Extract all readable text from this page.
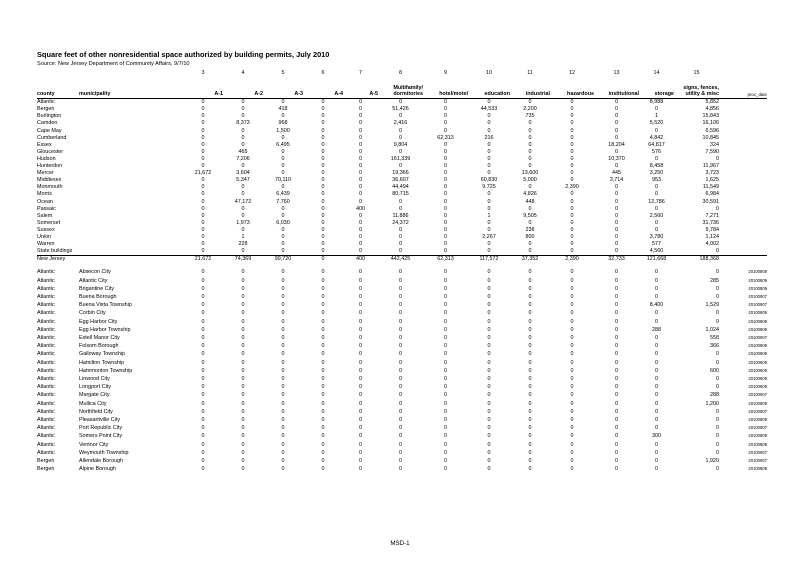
Square feet of other nonresidential space authorized by building permits, July 2010
Source: New Jersey Department of Community Affairs, 9/7/10
		3	4	5	6	7	8	9	10	11	12	13	14	15	
							Multifamily/							signs, fences,	
county	municipality	A-1	A-2	A-3	A-4	A-5	dormitories	hotel/motel	education	industrial	hazardous	institutional	storage	utility & misc	proc_date
Atlantic		0	0	0	0	0	0	0	0	0	0	0	8,988	5,852	
Bergen		0	0	418	0	0	51,426	0	44,533	2,200	0	0	0	4,856	
Burlington		0	0	0	0	0	0	0	0	735	0	0	1	15,843	
Camden		0	8,373	968	0	0	2,416	0	0	0	0	0	5,520	16,106	
Cape May		0	0	1,500	0	0	0	0	0	0	0	0	0	6,596	
Cumberland		0	0	0	0	0	0	62,313	216	0	0	0	4,842	10,845	
Essex		0	0	6,495	0	0	9,804	0	0	0	0	18,204	64,817	324	
Gloucester		0	465	0	0	0	0	0	0	0	0	0	576	7,590	
Hudson		0	7,206	0	0	0	161,339	0	0	0	0	10,370	0	0	
Hunterdon		0	0	0	0	0	0	0	0	0	0	0	8,458	11,967	
Mercer		21,672	3,604	0	0	0	19,366	0	0	13,600	0	445	3,250	3,723	
Middlesex		0	5,347	70,110	0	0	36,607	0	60,830	5,000	0	3,714	953	1,625	
Monmouth		0	0	0	0	0	44,494	0	9,725	0	2,390	0	0	11,549	
Morris		0	0	6,439	0	0	80,715	0	0	4,826	0	0	0	6,984	
Ocean		0	47,172	7,760	0	0	0	0	0	448	0	0	12,786	30,591	
Passaic		0	0	0	0	400	0	0	0	0	0	0	0	0	
Salem		0	0	0	0	0	11,886	0	1	9,505	0	0	2,560	7,271	
Somerset		0	1,973	6,030	0	0	24,372	0	0	0	0	0	0	31,736	
Sussex		0	0	0	0	0	0	0	0	238	0	0	0	9,784	
Union		0	1	0	0	0	0	0	2,267	800	0	0	3,780	1,124	
Warren		0	228	0	0	0	0	0	0	0	0	0	577	4,002	
State buildings		0	0	0	0	0	0	0	0	0	0	0	4,560	0	
New Jersey		21,672	74,369	99,720	0	400	442,425	62,313	117,572	37,352	2,390	32,733	121,668	188,368	

Atlantic	Absecon City	0	0	0	0	0	0	0	0	0	0	0	0	0	20100809
Atlantic	Atlantic City	0	0	0	0	0	0	0	0	0	0	0	0	285	20100809
Atlantic	Brigantine City	0	0	0	0	0	0	0	0	0	0	0	0	0	20100809
Atlantic	Buena Borough	0	0	0	0	0	0	0	0	0	0	0	0	0	20100907
Atlantic	Buena Vista Township	0	0	0	0	0	0	0	0	0	0	0	8,400	1,529	20100907
Atlantic	Corbin City	0	0	0	0	0	0	0	0	0	0	0	0	0	20100809
Atlantic	Egg Harbor City	0	0	0	0	0	0	0	0	0	0	0	0	0	20100809
Atlantic	Egg Harbor Township	0	0	0	0	0	0	0	0	0	0	0	288	1,024	20100809
Atlantic	Estell Manor City	0	0	0	0	0	0	0	0	0	0	0	0	558	20100907
Atlantic	Folsom Borough	0	0	0	0	0	0	0	0	0	0	0	0	366	20100809
Atlantic	Galloway Township	0	0	0	0	0	0	0	0	0	0	0	0	0	20100809
Atlantic	Hamilton Township	0	0	0	0	0	0	0	0	0	0	0	0	0	20100809
Atlantic	Hammonton Township	0	0	0	0	0	0	0	0	0	0	0	0	600	20100809
Atlantic	Linwood City	0	0	0	0	0	0	0	0	0	0	0	0	0	20100809
Atlantic	Longport City	0	0	0	0	0	0	0	0	0	0	0	0	0	20100809
Atlantic	Margate City	0	0	0	0	0	0	0	0	0	0	0	0	288	20100907
Atlantic	Mullica City	0	0	0	0	0	0	0	0	0	0	0	0	1,200	20100809
Atlantic	Northfield City	0	0	0	0	0	0	0	0	0	0	0	0	0	20100907
Atlantic	Pleasantville City	0	0	0	0	0	0	0	0	0	0	0	0	0	20100809
Atlantic	Port Republic City	0	0	0	0	0	0	0	0	0	0	0	0	0	20100907
Atlantic	Somers Point City	0	0	0	0	0	0	0	0	0	0	0	300	0	20100809
Atlantic	Ventnor City	0	0	0	0	0	0	0	0	0	0	0	0	0	20100809
Atlantic	Weymouth Township	0	0	0	0	0	0	0	0	0	0	0	0	0	20100907
Bergen	Allendale Borough	0	0	0	0	0	0	0	0	0	0	0	0	1,920	20100907
Bergen	Alpine Borough	0	0	0	0	0	0	0	0	0	0	0	0	0	20100809
MSD-1
